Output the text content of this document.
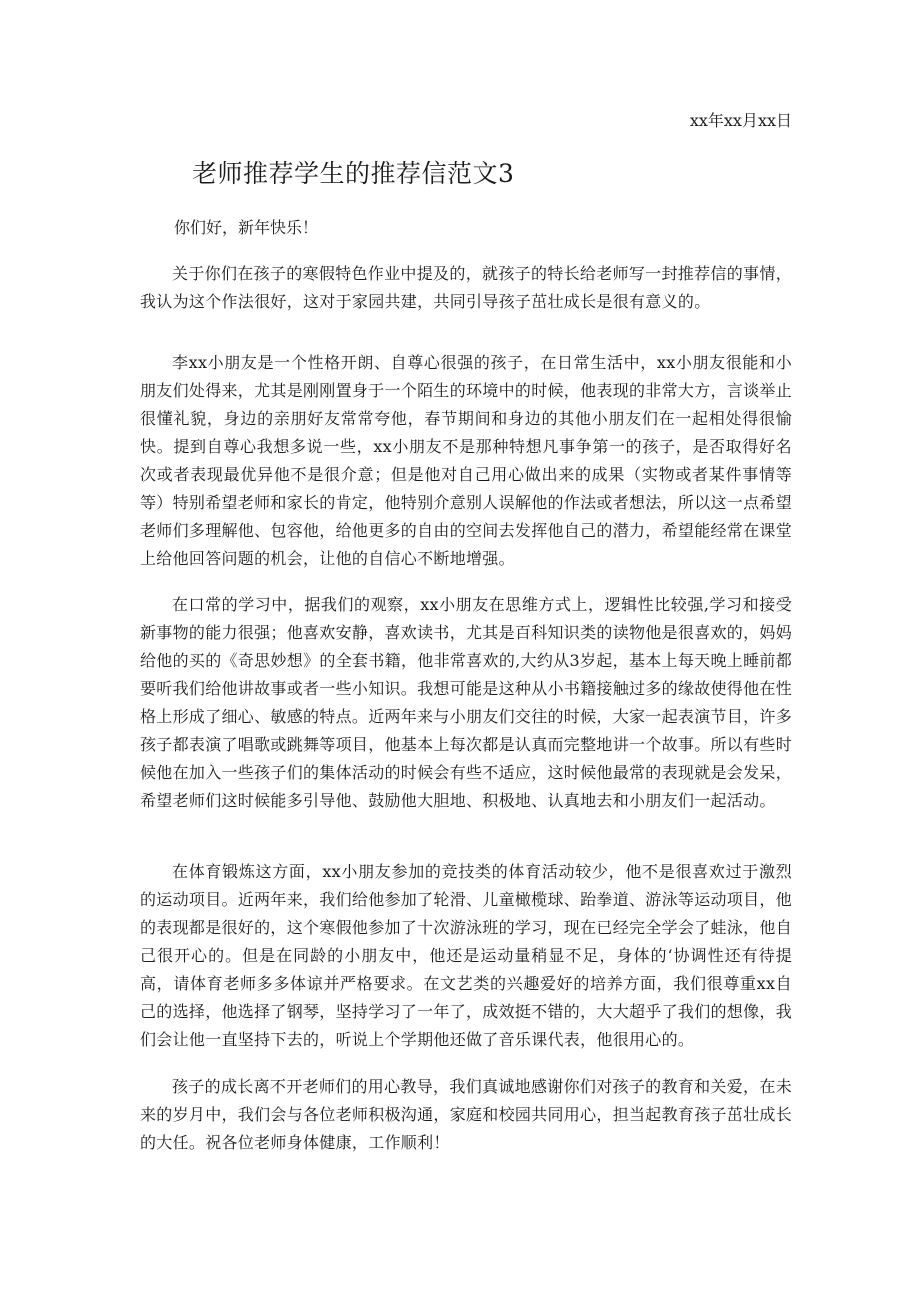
xx年xx月xx日
老师推荐学生的推荐信范文3
你们好，新年快乐！

关于你们在孩子的寒假特色作业中提及的，就孩子的特长给老师写一封推荐信的事情，我认为这个作法很好，这对于家园共建，共同引导孩子茁壮成长是很有意义的。

李xx小朋友是一个性格开朗、自尊心很强的孩子，在日常生活中，xx小朋友很能和小朋友们处得来，尤其是刚刚置身于一个陌生的环境中的时候，他表现的非常大方，言谈举止很懂礼貌，身边的亲朋好友常常夸他，春节期间和身边的其他小朋友们在一起相处得很愉快。提到自尊心我想多说一些，xx小朋友不是那种特想凡事争第一的孩子，是否取得好名次或者表现最优异他不是很介意；但是他对自己用心做出来的成果（实物或者某件事情等等）特别希望老师和家长的肯定，他特别介意别人误解他的作法或者想法，所以这一点希望老师们多理解他、包容他，给他更多的自由的空间去发挥他自己的潜力，希望能经常在课堂上给他回答问题的机会，让他的自信心不断地增强。

在口常的学习中，据我们的观察，xx小朋友在思维方式上，逻辑性比较强,学习和接受新事物的能力很强；他喜欢安静，喜欢读书，尤其是百科知识类的读物他是很喜欢的，妈妈给他的买的《奇思妙想》的全套书籍，他非常喜欢的,大约从3岁起，基本上每天晚上睡前都要听我们给他讲故事或者一些小知识。我想可能是这种从小书籍接触过多的缘故使得他在性格上形成了细心、敏感的特点。近两年来与小朋友们交往的时候，大家一起表演节目，许多孩子都表演了唱歌或跳舞等项目，他基本上每次都是认真而完整地讲一个故事。所以有些时候他在加入一些孩子们的集体活动的时候会有些不适应，这时候他最常的表现就是会发呆，希望老师们这时候能多引导他、鼓励他大胆地、积极地、认真地去和小朋友们一起活动。

在体育锻炼这方面，xx小朋友参加的竞技类的体育活动较少，他不是很喜欢过于激烈的运动项目。近两年来，我们给他参加了轮滑、儿童橄榄球、跆拳道、游泳等运动项目，他的表现都是很好的，这个寒假他参加了十次游泳班的学习，现在已经完全学会了蛙泳，他自己很开心的。但是在同龄的小朋友中，他还是运动量稍显不足，身体的‘协调性还有待提高，请体育老师多多体谅并严格要求。在文艺类的兴趣爱好的培养方面，我们很尊重xx自己的选择，他选择了钢琴，坚持学习了一年了，成效挺不错的，大大超乎了我们的想像，我们会让他一直坚持下去的，听说上个学期他还做了音乐课代表，他很用心的。

孩子的成长离不开老师们的用心教导，我们真诚地感谢你们对孩子的教育和关爱，在未来的岁月中，我们会与各位老师积极沟通，家庭和校园共同用心，担当起教育孩子茁壮成长的大任。祝各位老师身体健康，工作顺利！
